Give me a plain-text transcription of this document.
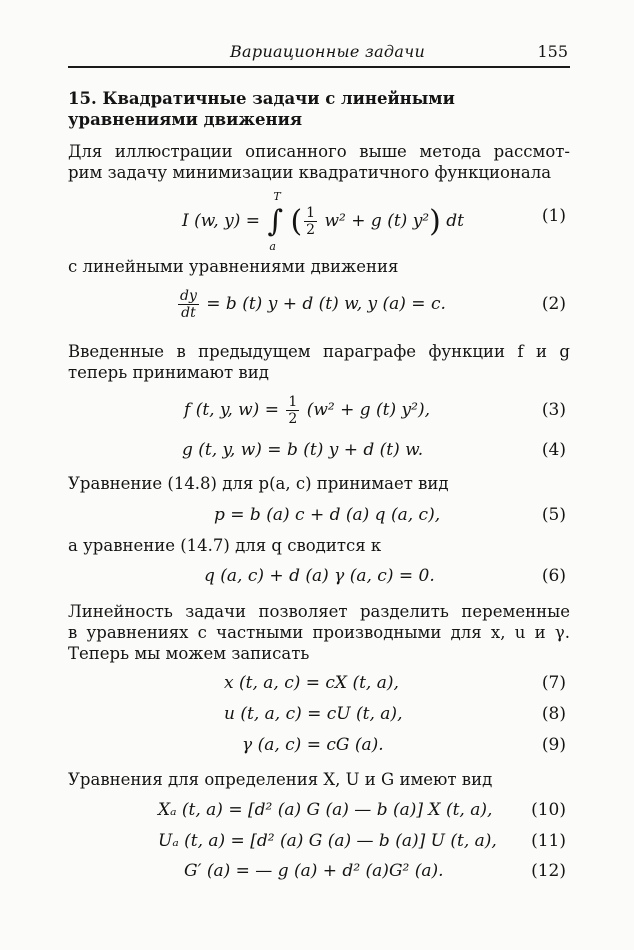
Вариационные задачи	155
15. Квадратичные задачи с линейными уравнениями движения
Для иллюстрации описанного выше метода рассмот-
рим задачу минимизации квадратичного функционала
I (w, y) = ∫
T
a
( $\frac{1}{2} w^2 + g$ (t) y²) dt	(1)
с линейными уравнениями движения
$\frac{dy}{dt} = b$ (t) y + d (t) w, y (a) = c.	(2)
Введенные в предыдущем параграфе функции f и g
теперь принимают вид
f (t, y, $w) = \frac{1}{2} (w^2 + g$ (t) y²),	(3)
g (t, y, w) = b (t) y + d (t) w.	(4)
Уравнение (14.8) для p(a, c) принимает вид
p = b (a) c + d (a) q (a, c),	(5)
а уравнение (14.7) для q сводится к
q (a, c) + d (a) γ (a, c) = 0.	(6)
Линейность задачи позволяет разделить переменные
в уравнениях с частными производными для x, u и γ.
Теперь мы можем записать
x (t, a, c) = cX (t, a),	(7)
u (t, a, c) = cU (t, a),	(8)
γ (a, c) = cG (a).	(9)
Уравнения для определения X, U и G имеют вид
Xₐ (t, a) = [d² (a) G (a) — b (a)] X (t, a), (10)
Uₐ (t, a) = [d² (a) G (a) — b (a)] U (t, a), (11)
G′ (a) = — g (a) + d² (a)G² (a).	(12)
